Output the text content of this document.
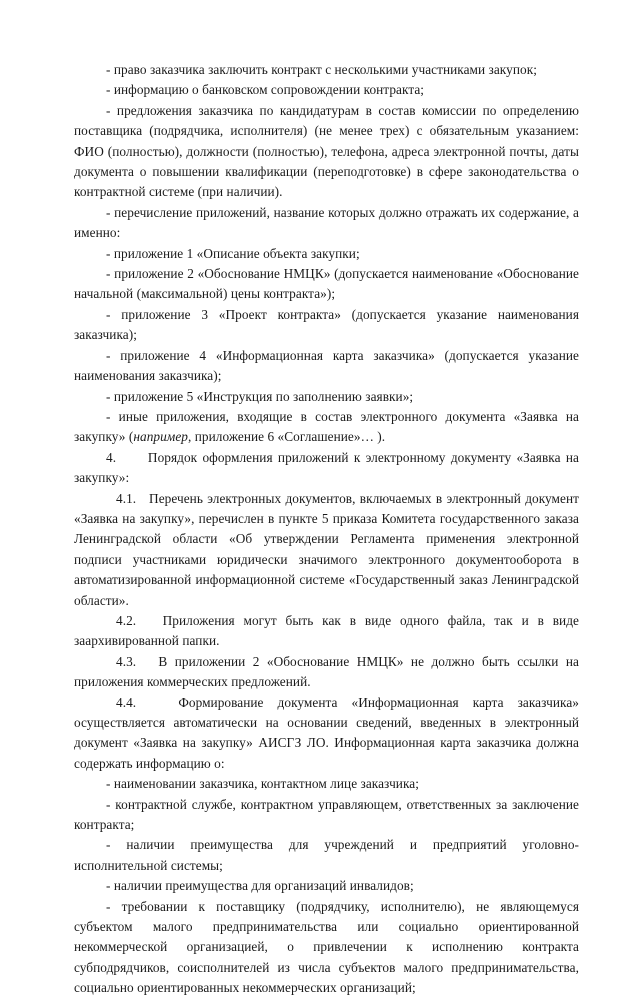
- право заказчика заключить контракт с несколькими участниками закупок;

- информацию о банковском сопровождении контракта;

- предложения заказчика по кандидатурам в состав комиссии по определению поставщика (подрядчика, исполнителя) (не менее трех) с обязательным указанием: ФИО (полностью), должности (полностью), телефона, адреса электронной почты, даты документа о повышении квалификации (переподготовке) в сфере законодательства о контрактной системе (при наличии).

- перечисление приложений, название которых должно отражать их содержание, а именно:

- приложение 1 «Описание объекта закупки;

- приложение 2 «Обоснование НМЦК» (допускается наименование «Обоснование начальной (максимальной) цены контракта»);

- приложение 3 «Проект контракта» (допускается указание наименования заказчика);

- приложение 4 «Информационная карта заказчика» (допускается указание наименования заказчика);

- приложение 5 «Инструкция по заполнению заявки»;

- иные приложения, входящие в состав электронного документа «Заявка на закупку» (например, приложение 6 «Соглашение»… ).

4.      Порядок оформления приложений к электронному документу «Заявка на закупку»:

4.1.   Перечень электронных документов, включаемых в электронный документ «Заявка на закупку», перечислен в пункте 5 приказа Комитета государственного заказа Ленинградской области «Об утверждении Регламента применения электронной подписи участниками юридически значимого электронного документооборота в автоматизированной информационной системе «Государственный заказ Ленинградской области».

4.2.   Приложения могут быть как в виде одного файла, так и в виде заархивированной папки.

4.3.   В приложении 2 «Обоснование НМЦК» не должно быть ссылки на приложения коммерческих предложений.

4.4.   Формирование документа «Информационная карта заказчика» осуществляется автоматически на основании сведений, введенных в электронный документ «Заявка на закупку» АИСГЗ ЛО. Информационная карта заказчика должна содержать информацию о:

- наименовании заказчика, контактном лице заказчика;

- контрактной службе, контрактном управляющем, ответственных за заключение контракта;

- наличии преимущества для учреждений и предприятий уголовно-исполнительной системы;

- наличии преимущества для организаций инвалидов;

- требовании к поставщику (подрядчику, исполнителю), не являющемуся субъектом малого предпринимательства или социально ориентированной некоммерческой организацией, о привлечении к исполнению контракта субподрядчиков, соисполнителей из числа субъектов малого предпринимательства, социально ориентированных некоммерческих организаций;
